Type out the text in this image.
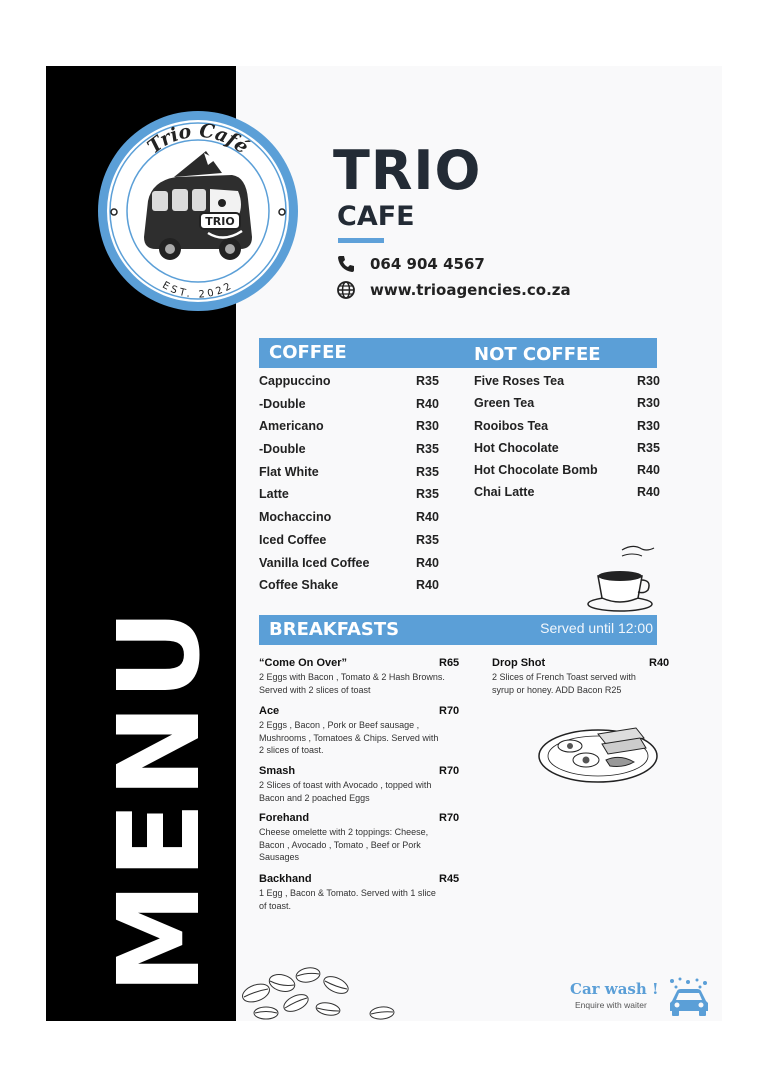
MENU
Trio Café
EST. 2022
TRIO
TRIO
CAFE
064 904 4567
www.trioagencies.co.za
COFFEE	NOT COFFEE
Cappuccino	R35
-Double	R40
Americano	R30
-Double	R35
Flat White	R35
Latte	R35
Mochaccino	R40
Iced Coffee	R35
Vanilla Iced Coffee	R40
Coffee Shake	R40
Five Roses Tea	R30
Green Tea	R30
Rooibos Tea	R30
Hot Chocolate	R35
Hot Chocolate Bomb	R40
Chai Latte	R40
BREAKFASTS	Served until 12:00
“Come On Over”	R65
2 Eggs with Bacon , Tomato & 2 Hash Browns. Served with 2 slices of toast
Ace	R70
2 Eggs , Bacon , Pork or Beef sausage , Mushrooms , Tomatoes & Chips. Served with 2 slices of toast.
Smash	R70
2 Slices of toast with Avocado , topped with Bacon and 2 poached Eggs
Forehand	R70
Cheese omelette with 2 toppings: Cheese, Bacon , Avocado , Tomato , Beef or Pork Sausages
Backhand	R45
1 Egg , Bacon & Tomato. Served with 1 slice of toast.
Drop Shot	R40
2 Slices of French Toast served with syrup or honey. ADD Bacon R25
Car wash !
Enquire with waiter
